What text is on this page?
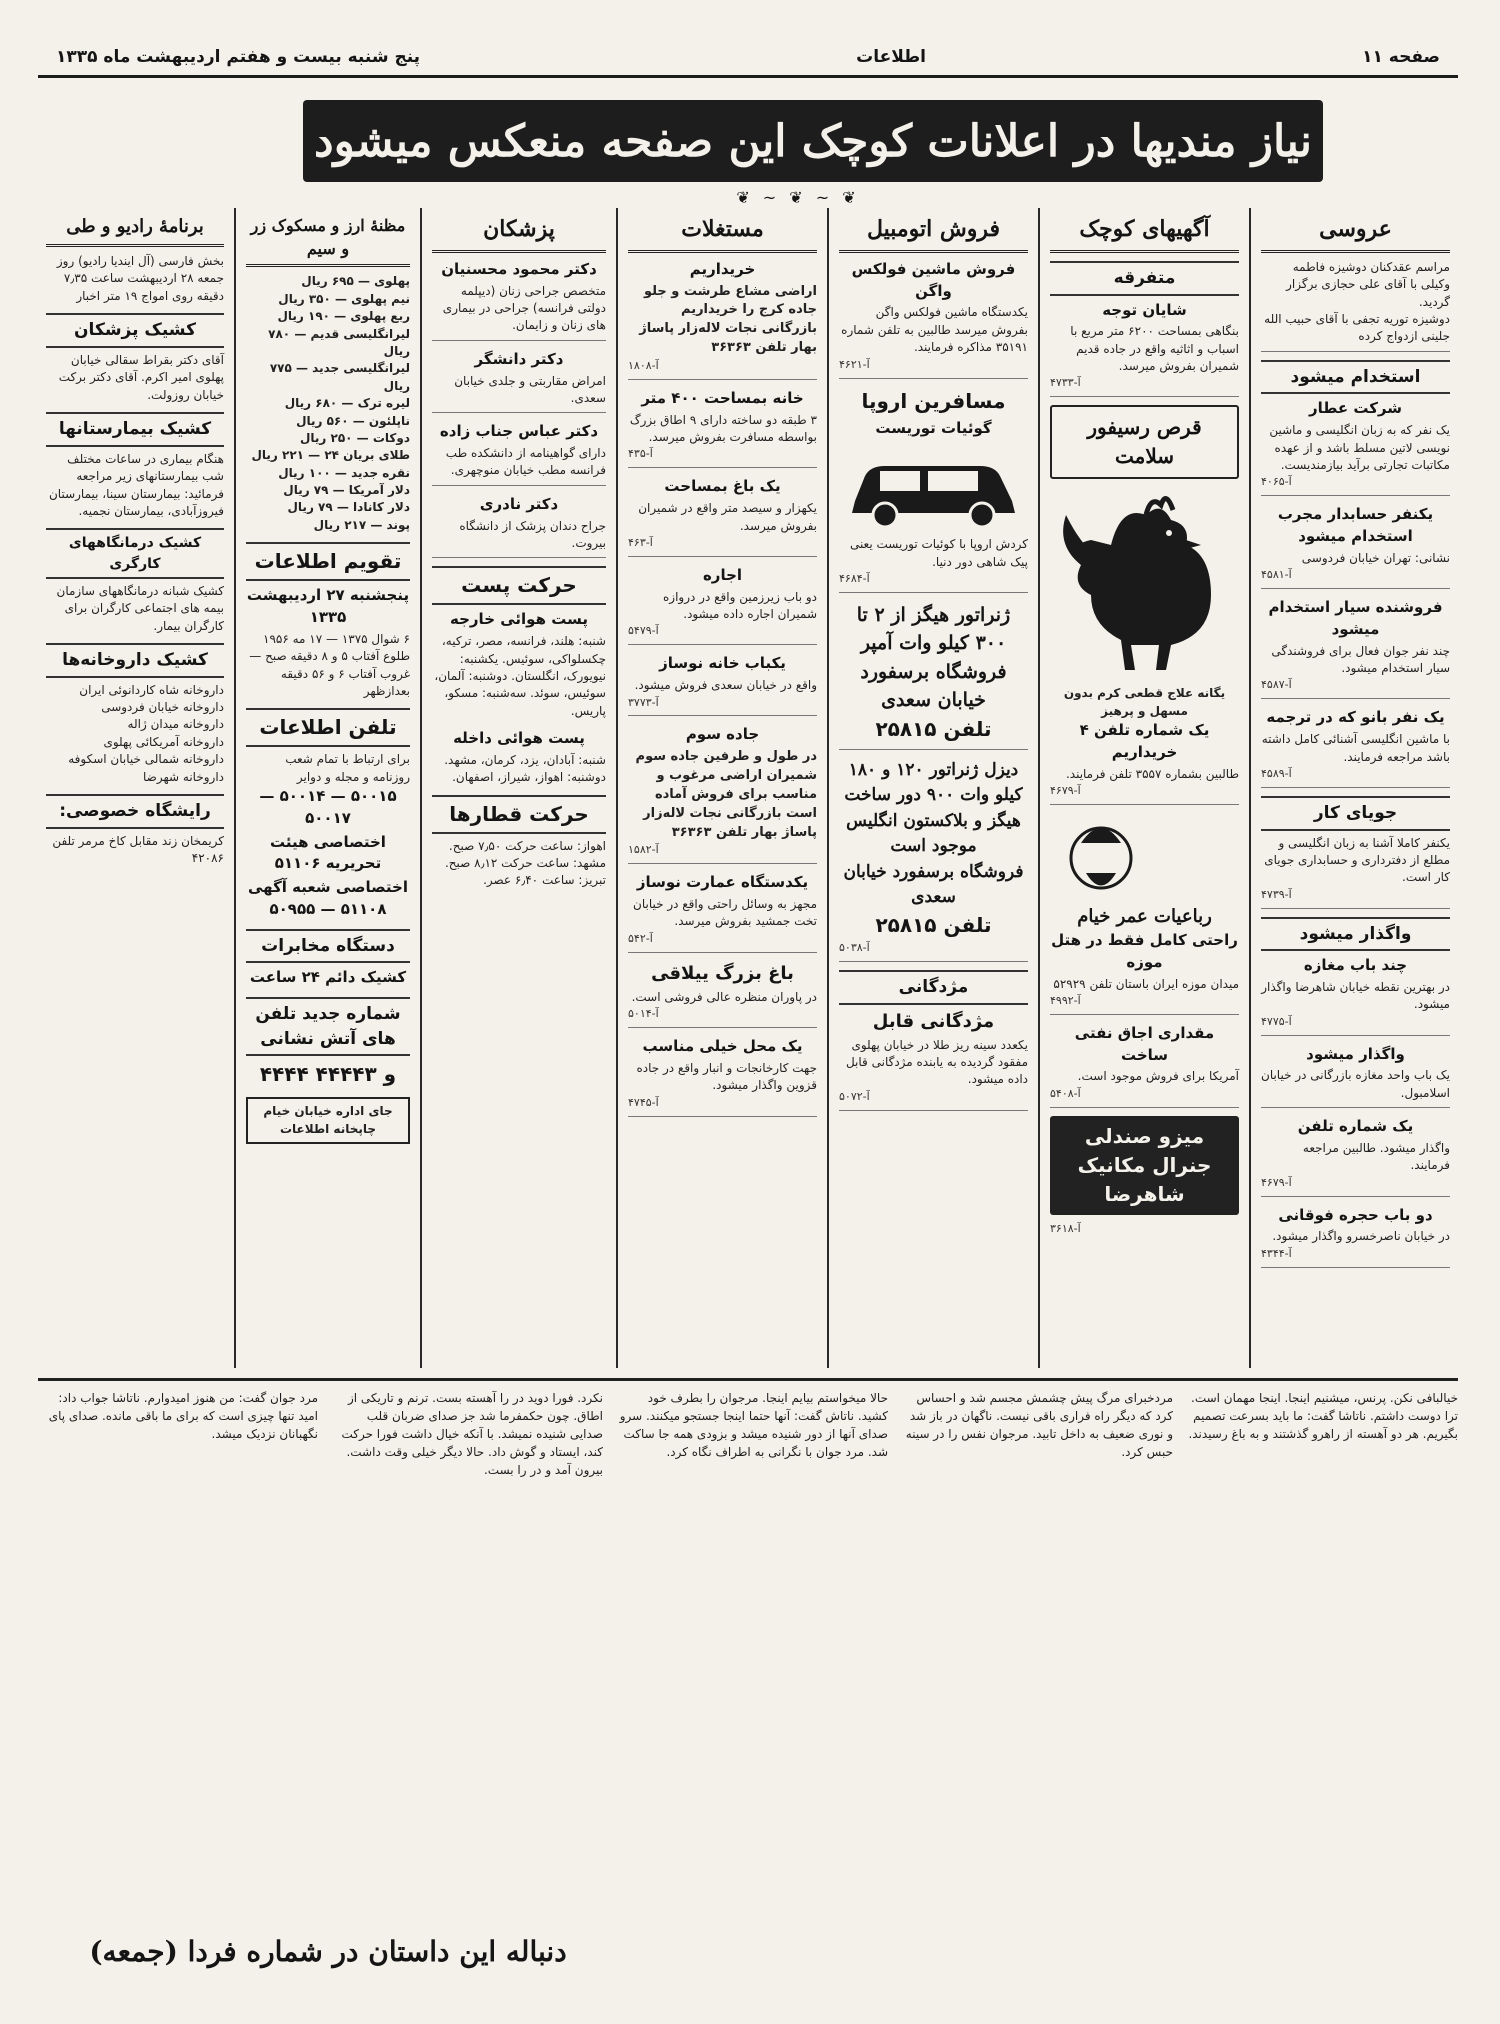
صفحه ۱۱
اطلاعات
پنج شنبه بیست و هفتم اردیبهشت ماه ۱۳۳۵
نیاز مندیها در اعلانات کوچک این صفحه منعکس میشود
❦ ~ ❦ ~ ❦
عروسی
مراسم عقدکنان دوشیزه فاطمه وکیلی با آقای علی حجازی برگزار گردید.
دوشیزه توریه تجفی با آقای حبیب الله جلینی ازدواج کرده
استخدام میشود
شرکت عطار
یک نفر که به زبان انگلیسی و ماشین نویسی لاتین مسلط باشد و از عهده مکاتبات تجارتی برآید بیازمندیست.
آ-۴۰۶۵
یکنفر حسابدار مجرب استخدام میشود
نشانی: تهران خیابان فردوسی
آ-۴۵۸۱
فروشنده سیار استخدام میشود
چند نفر جوان فعال برای فروشندگی سیار استخدام میشود.
آ-۴۵۸۷
یک نفر بانو که در ترجمه
با ماشین انگلیسی آشنائی کامل داشته باشد مراجعه فرمایند.
آ-۴۵۸۹
جویای کار
یکنفر کاملا آشنا به زبان انگلیسی و مطلع از دفترداری و حسابداری جویای کار است.
آ-۴۷۳۹
واگذار میشود
چند باب مغازه
در بهترین نقطه خیابان شاهرضا واگذار میشود.
آ-۴۷۷۵
واگذار میشود
یک باب واحد مغازه بازرگانی در خیابان اسلامبول.
یک شماره تلفن
واگذار میشود. طالبین مراجعه فرمایند.
آ-۴۶۷۹
دو باب حجره فوقانی
در خیابان ناصرخسرو واگذار میشود.
آ-۴۳۴۴
آگهیهای کوچک
متفرقه
شایان توجه
بنگاهی بمساحت ۶۲۰۰ متر مربع با اسباب و اثاثیه واقع در جاده قدیم شمیران بفروش میرسد.
آ-۴۷۳۳
قرص رسیفور سلامت
یگانه علاج قطعی کرم بدون مسهل و پرهیز
یک شماره تلفن ۴ خریداریم
طالبین بشماره ۳۵۵۷ تلفن فرمایند.
آ-۴۶۷۹
رباعیات عمر خیام
راحتی کامل فقط در هتل موزه
میدان موزه ایران باستان تلفن ۵۲۹۲۹
آ-۴۹۹۲
مقداری اجاق نفتی ساخت
آمریکا برای فروش موجود است.
آ-۵۴۰۸
میزو صندلی جنرال مکانیک شاهرضا
آ-۳۶۱۸
فروش اتومبیل
فروش ماشین فولکس واگن
یکدستگاه ماشین فولکس واگن بفروش میرسد طالبین به تلفن شماره ۳۵۱۹۱ مذاکره فرمایند.
آ-۴۶۲۱
مسافرین اروپا
گوئیات توریست
کردش اروپا با کوئیات توریست یعنی پیک شاهی دور دنیا.
آ-۴۶۸۴
ژنراتور هیگز از ۲ تا ۳۰۰ کیلو وات آمپر فروشگاه برسفورد خیابان سعدی
تلفن ۲۵۸۱۵
دیزل ژنراتور ۱۲۰ و ۱۸۰ کیلو وات ۹۰۰ دور ساخت هیگز و بلاکستون انگلیس موجود است
فروشگاه برسفورد خیابان سعدی
تلفن ۲۵۸۱۵
آ-۵۰۳۸
مژدگانی
مژدگانی قابل
یکعدد سینه ریز طلا در خیابان پهلوی مفقود گردیده به یابنده مژدگانی قابل داده میشود.
آ-۵۰۷۲
مستغلات
خریداریم
اراضی مشاع طرشت و جلو جاده کرج را خریداریم بازرگانی نجات لاله‌زار پاساژ بهار تلفن ۳۶۳۶۳
آ-۱۸۰۸
خانه بمساحت ۴۰۰ متر
۳ طبقه دو ساخته دارای ۹ اطاق بزرگ بواسطه مسافرت بفروش میرسد.
آ-۴۳۵
یک باغ بمساحت
یکهزار و سیصد متر واقع در شمیران بفروش میرسد.
آ-۴۶۳
اجاره
دو باب زیرزمین واقع در دروازه شمیران اجاره داده میشود.
آ-۵۴۷۹
یکباب خانه نوساز
واقع در خیابان سعدی فروش میشود.
آ-۳۷۷۳
جاده سوم
در طول و طرفین جاده سوم شمیران اراضی مرغوب و مناسب برای فروش آماده است بازرگانی نجات لاله‌زار پاساژ بهار تلفن ۳۶۳۶۳
آ-۱۵۸۲
یکدستگاه عمارت نوساز
مجهز به وسائل راحتی واقع در خیابان تخت جمشید بفروش میرسد.
آ-۵۴۲
باغ بزرگ ییلاقی
در پاوران منظره عالی فروشی است.
آ-۵۰۱۴
یک محل خیلی مناسب
جهت کارخانجات و انبار واقع در جاده قزوین واگذار میشود.
آ-۴۷۴۵
پزشکان
دکتر محمود محسنیان
متخصص جراحی زنان (دیپلمه دولتی فرانسه) جراحی در بیماری های زنان و زایمان.
دکتر دانشگر
امراض مقاربتی و جلدی خیابان سعدی.
دکتر عباس جناب زاده
دارای گواهینامه از دانشکده طب فرانسه مطب خیابان منوچهری.
دکتر نادری
جراح دندان پزشک از دانشگاه بیروت.
حرکت پست
پست هوائی خارجه
شنبه: هلند، فرانسه، مصر، ترکیه، چکسلواکی، سوئیس. یکشنبه: نیویورک، انگلستان. دوشنبه: آلمان، سوئیس، سوئد. سه‌شنبه: مسکو، پاریس.
پست هوائی داخله
شنبه: آبادان، یزد، کرمان، مشهد. دوشنبه: اهواز، شیراز، اصفهان.
حرکت قطارها
اهواز: ساعت حرکت ۷٫۵۰ صبح. مشهد: ساعت حرکت ۸٫۱۲ صبح. تبریز: ساعت ۶٫۴۰ عصر.
مظنهٔ ارز و مسکوک زر و سیم
پهلوی — ۶۹۵ ریال
نیم پهلوی — ۳۵۰ ریال
ربع پهلوی — ۱۹۰ ریال
لیرانگلیسی قدیم — ۷۸۰ ریال
لیرانگلیسی جدید — ۷۷۵ ریال
لیره ترک — ۶۸۰ ریال
ناپلئون — ۵۶۰ ریال
دوکات — ۲۵۰ ریال
طلای بریان ۲۴ — ۲۲۱ ریال
نقره جدید — ۱۰۰ ریال
دلار آمریکا — ۷۹ ریال
دلار کانادا — ۷۹ ریال
پوند — ۲۱۷ ریال
تقویم اطلاعات
پنجشنبه ۲۷ اردیبهشت ۱۳۳۵
۶ شوال ۱۳۷۵ — ۱۷ مه ۱۹۵۶
طلوع آفتاب ۵ و ۸ دقیقه صبح — غروب آفتاب ۶ و ۵۶ دقیقه بعدازظهر
تلفن اطلاعات
برای ارتباط با تمام شعب روزنامه و مجله و دوایر
۵۰۰۱۵ — ۵۰۰۱۴ — ۵۰۰۱۷
اختصاصی هیئت تحریریه ۵۱۱۰۶
اختصاصی شعبه آگهی ۵۱۱۰۸ — ۵۰۹۵۵
دستگاه مخابرات
کشیک دائم ۲۴ ساعت
شماره جدید تلفن های آتش نشانی
۴۴۴۴ و ۴۴۴۴۳
جای اداره خیابان خیام چاپخانه اطلاعات
برنامهٔ رادیو و طی
بخش فارسی (آل ایندیا رادیو) روز جمعه ۲۸ اردیبهشت ساعت ۷٫۳۵ دقیقه روی امواج ۱۹ متر اخبار
کشیک پزشکان
آقای دکتر بقراط سقالی خیابان پهلوی امیر اکرم. آقای دکتر برکت خیابان روزولت.
کشیک بیمارستانها
هنگام بیماری در ساعات مختلف شب بیمارستانهای زیر مراجعه فرمائید: بیمارستان سینا، بیمارستان فیروزآبادی، بیمارستان نجمیه.
کشیک درمانگاههای کارگری
کشیک شبانه درمانگاههای سازمان بیمه های اجتماعی کارگران برای کارگران بیمار.
کشیک داروخانه‌ها
داروخانه شاه کاردانوئی ایران
داروخانه خیابان فردوسی
داروخانه میدان ژاله
داروخانه آمریکائی پهلوی
داروخانه شمالی خیابان اسکوفه
داروخانه شهرضا
رایشگاه خصوصی:
کریمخان زند مقابل کاخ مرمر تلفن ۴۲۰۸۶
خیالبافی نکن. پرنس، میشنیم اینجا. اینجا مهمان است. ترا دوست داشتم. ناتاشا گفت: ما باید بسرعت تصمیم بگیریم. هر دو آهسته از راهرو گذشتند و به باغ رسیدند.
مردخبرای مرگ پیش چشمش مجسم شد و احساس کرد که دیگر راه فراری باقی نیست. ناگهان در باز شد و نوری ضعیف به داخل تابید. مرجوان نفس را در سینه حبس کرد.
حالا میخواستم بیایم اینجا. مرجوان را بطرف خود کشید. ناتاش گفت: آنها حتما اینجا جستجو میکنند. سرو صدای آنها از دور شنیده میشد و بزودی همه جا ساکت شد. مرد جوان با نگرانی به اطراف نگاه کرد.
نکرد. فورا دوید در را آهسته بست. ترنم و تاریکی از اطاق. چون حکمفرما شد جز صدای ضربان قلب صدایی شنیده نمیشد. با آنکه خیال داشت فورا حرکت کند، ایستاد و گوش داد. حالا دیگر خیلی وقت داشت. بیرون آمد و در را بست.
مرد جوان گفت: من هنوز امیدوارم. ناتاشا جواب داد: امید تنها چیزی است که برای ما باقی مانده. صدای پای نگهبانان نزدیک میشد.
دنباله این داستان در شماره فردا (جمعه)
